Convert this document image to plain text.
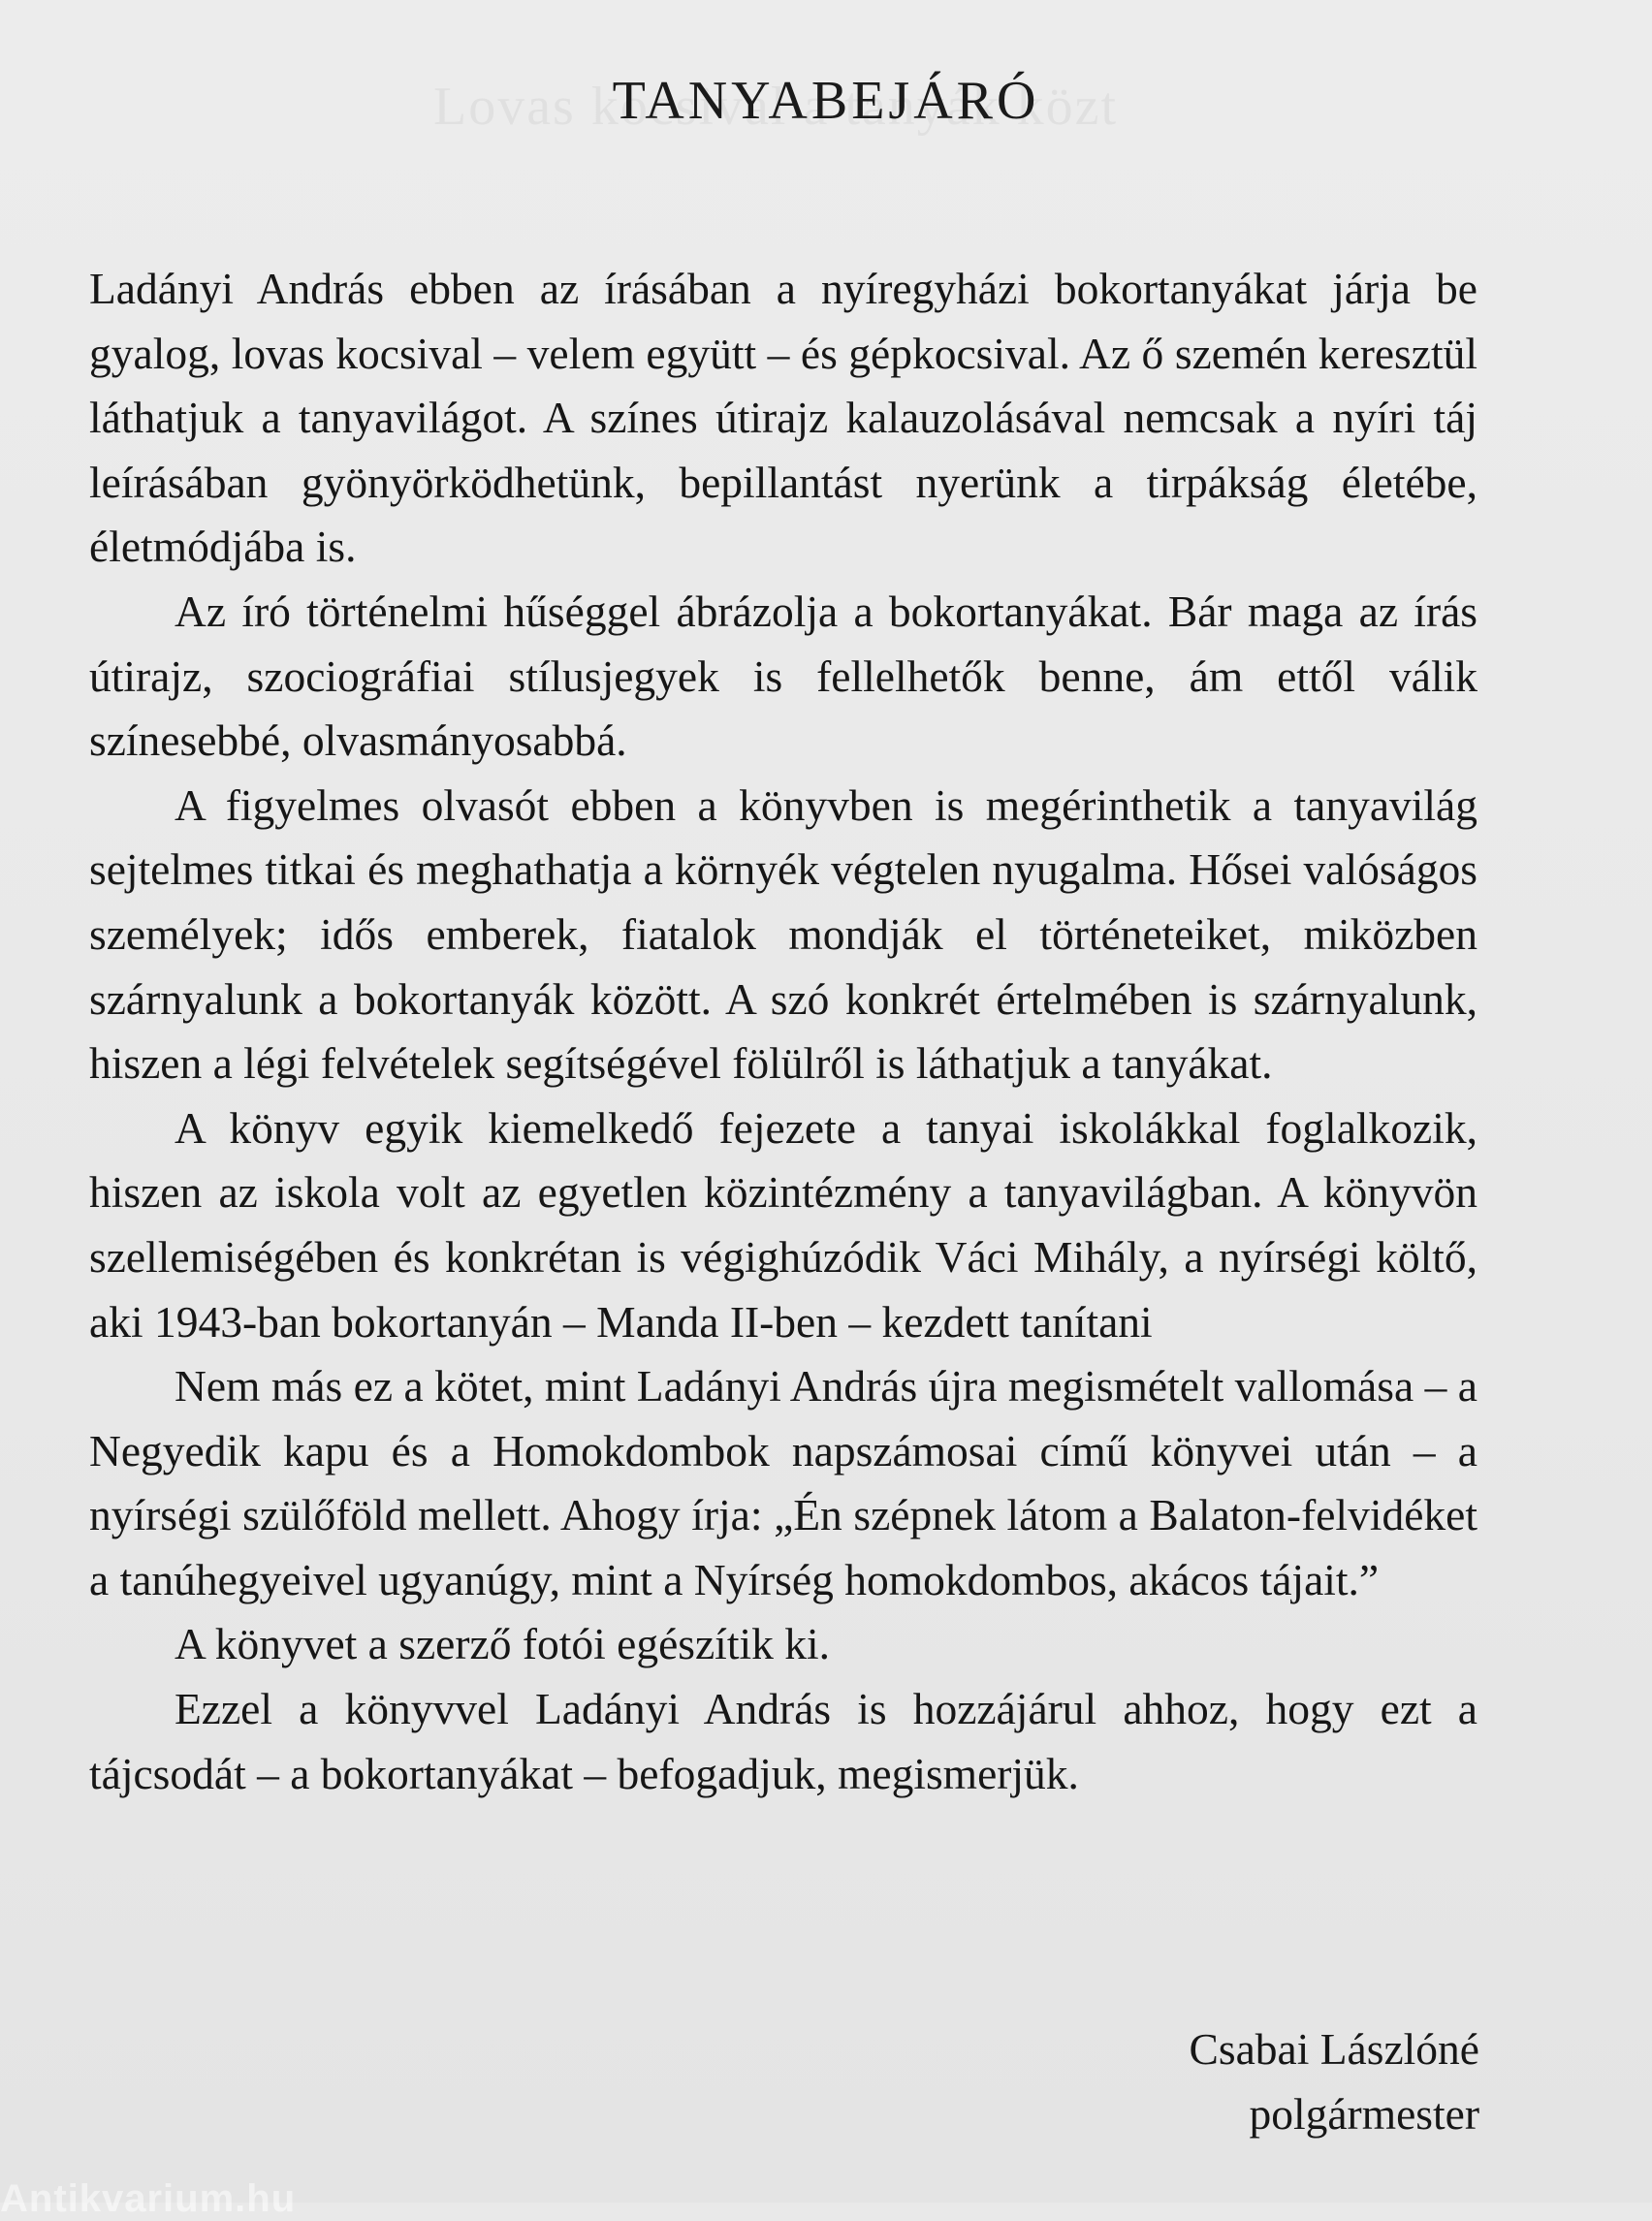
TANYABEJÁRÓ

Ladányi András ebben az írásában a nyíregyházi bokortanyákat járja be gyalog, lovas kocsival – velem együtt – és gépkocsival. Az ő szemén keresztül láthatjuk a tanyavilágot. A színes útirajz kalauzolásával nemcsak a nyíri táj leírásában gyönyörködhetünk, bepillantást nyerünk a tirpákság életébe, életmódjába is.

Az író történelmi hűséggel ábrázolja a bokortanyákat. Bár maga az írás útirajz, szociográfiai stílusjegyek is fellelhetők benne, ám ettől válik színesebbé, olvasmányosabbá.

A figyelmes olvasót ebben a könyvben is megérinthetik a tanyavilág sejtelmes titkai és meghathatja a környék végtelen nyugalma. Hősei valóságos személyek; idős emberek, fiatalok mondják el történeteiket, miközben szárnyalunk a bokortanyák között. A szó konkrét értelmében is szárnyalunk, hiszen a légi felvételek segítségével fölülről is láthatjuk a tanyákat.

A könyv egyik kiemelkedő fejezete a tanyai iskolákkal foglalkozik, hiszen az iskola volt az egyetlen közintézmény a tanyavilágban. A könyvön szellemiségében és konkrétan is végighúzódik Váci Mihály, a nyírségi költő, aki 1943-ban bokortanyán – Manda II-ben – kezdett tanítani

Nem más ez a kötet, mint Ladányi András újra megismételt vallomása – a Negyedik kapu és a Homokdombok napszámosai című könyvei után – a nyírségi szülőföld mellett. Ahogy írja: „Én szépnek látom a Balaton-felvidéket a tanúhegyeivel ugyanúgy, mint a Nyírség homokdombos, akácos tájait.”

A könyvet a szerző fotói egészítik ki.

Ezzel a könyvvel Ladányi András is hozzájárul ahhoz, hogy ezt a tájcsodát – a bokortanyákat – befogadjuk, megismerjük.

Csabai Lászlóné
polgármester
Antikvarium.hu
